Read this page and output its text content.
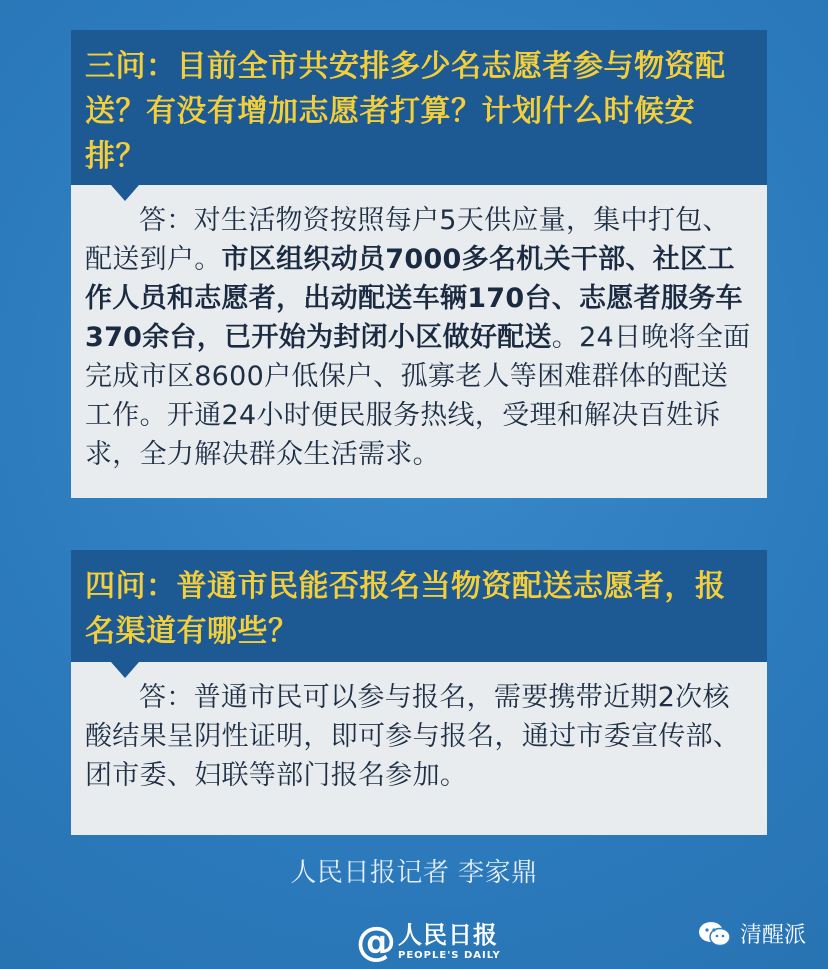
三问：目前全市共安排多少名志愿者参与物资配送？有没有增加志愿者打算？计划什么时候安排？
答：对生活物资按照每户5天供应量，集中打包、配送到户。市区组织动员7000多名机关干部、社区工作人员和志愿者，出动配送车辆170台、志愿者服务车370余台，已开始为封闭小区做好配送。24日晚将全面完成市区8600户低保户、孤寡老人等困难群体的配送工作。开通24小时便民服务热线，受理和解决百姓诉求，全力解决群众生活需求。
四问：普通市民能否报名当物资配送志愿者，报名渠道有哪些？
答：普通市民可以参与报名，需要携带近期2次核酸结果呈阴性证明，即可参与报名，通过市委宣传部、团市委、妇联等部门报名参加。
人民日报记者 李家鼎
@ 人民日报
PEOPLE'S DAILY
清醒派
